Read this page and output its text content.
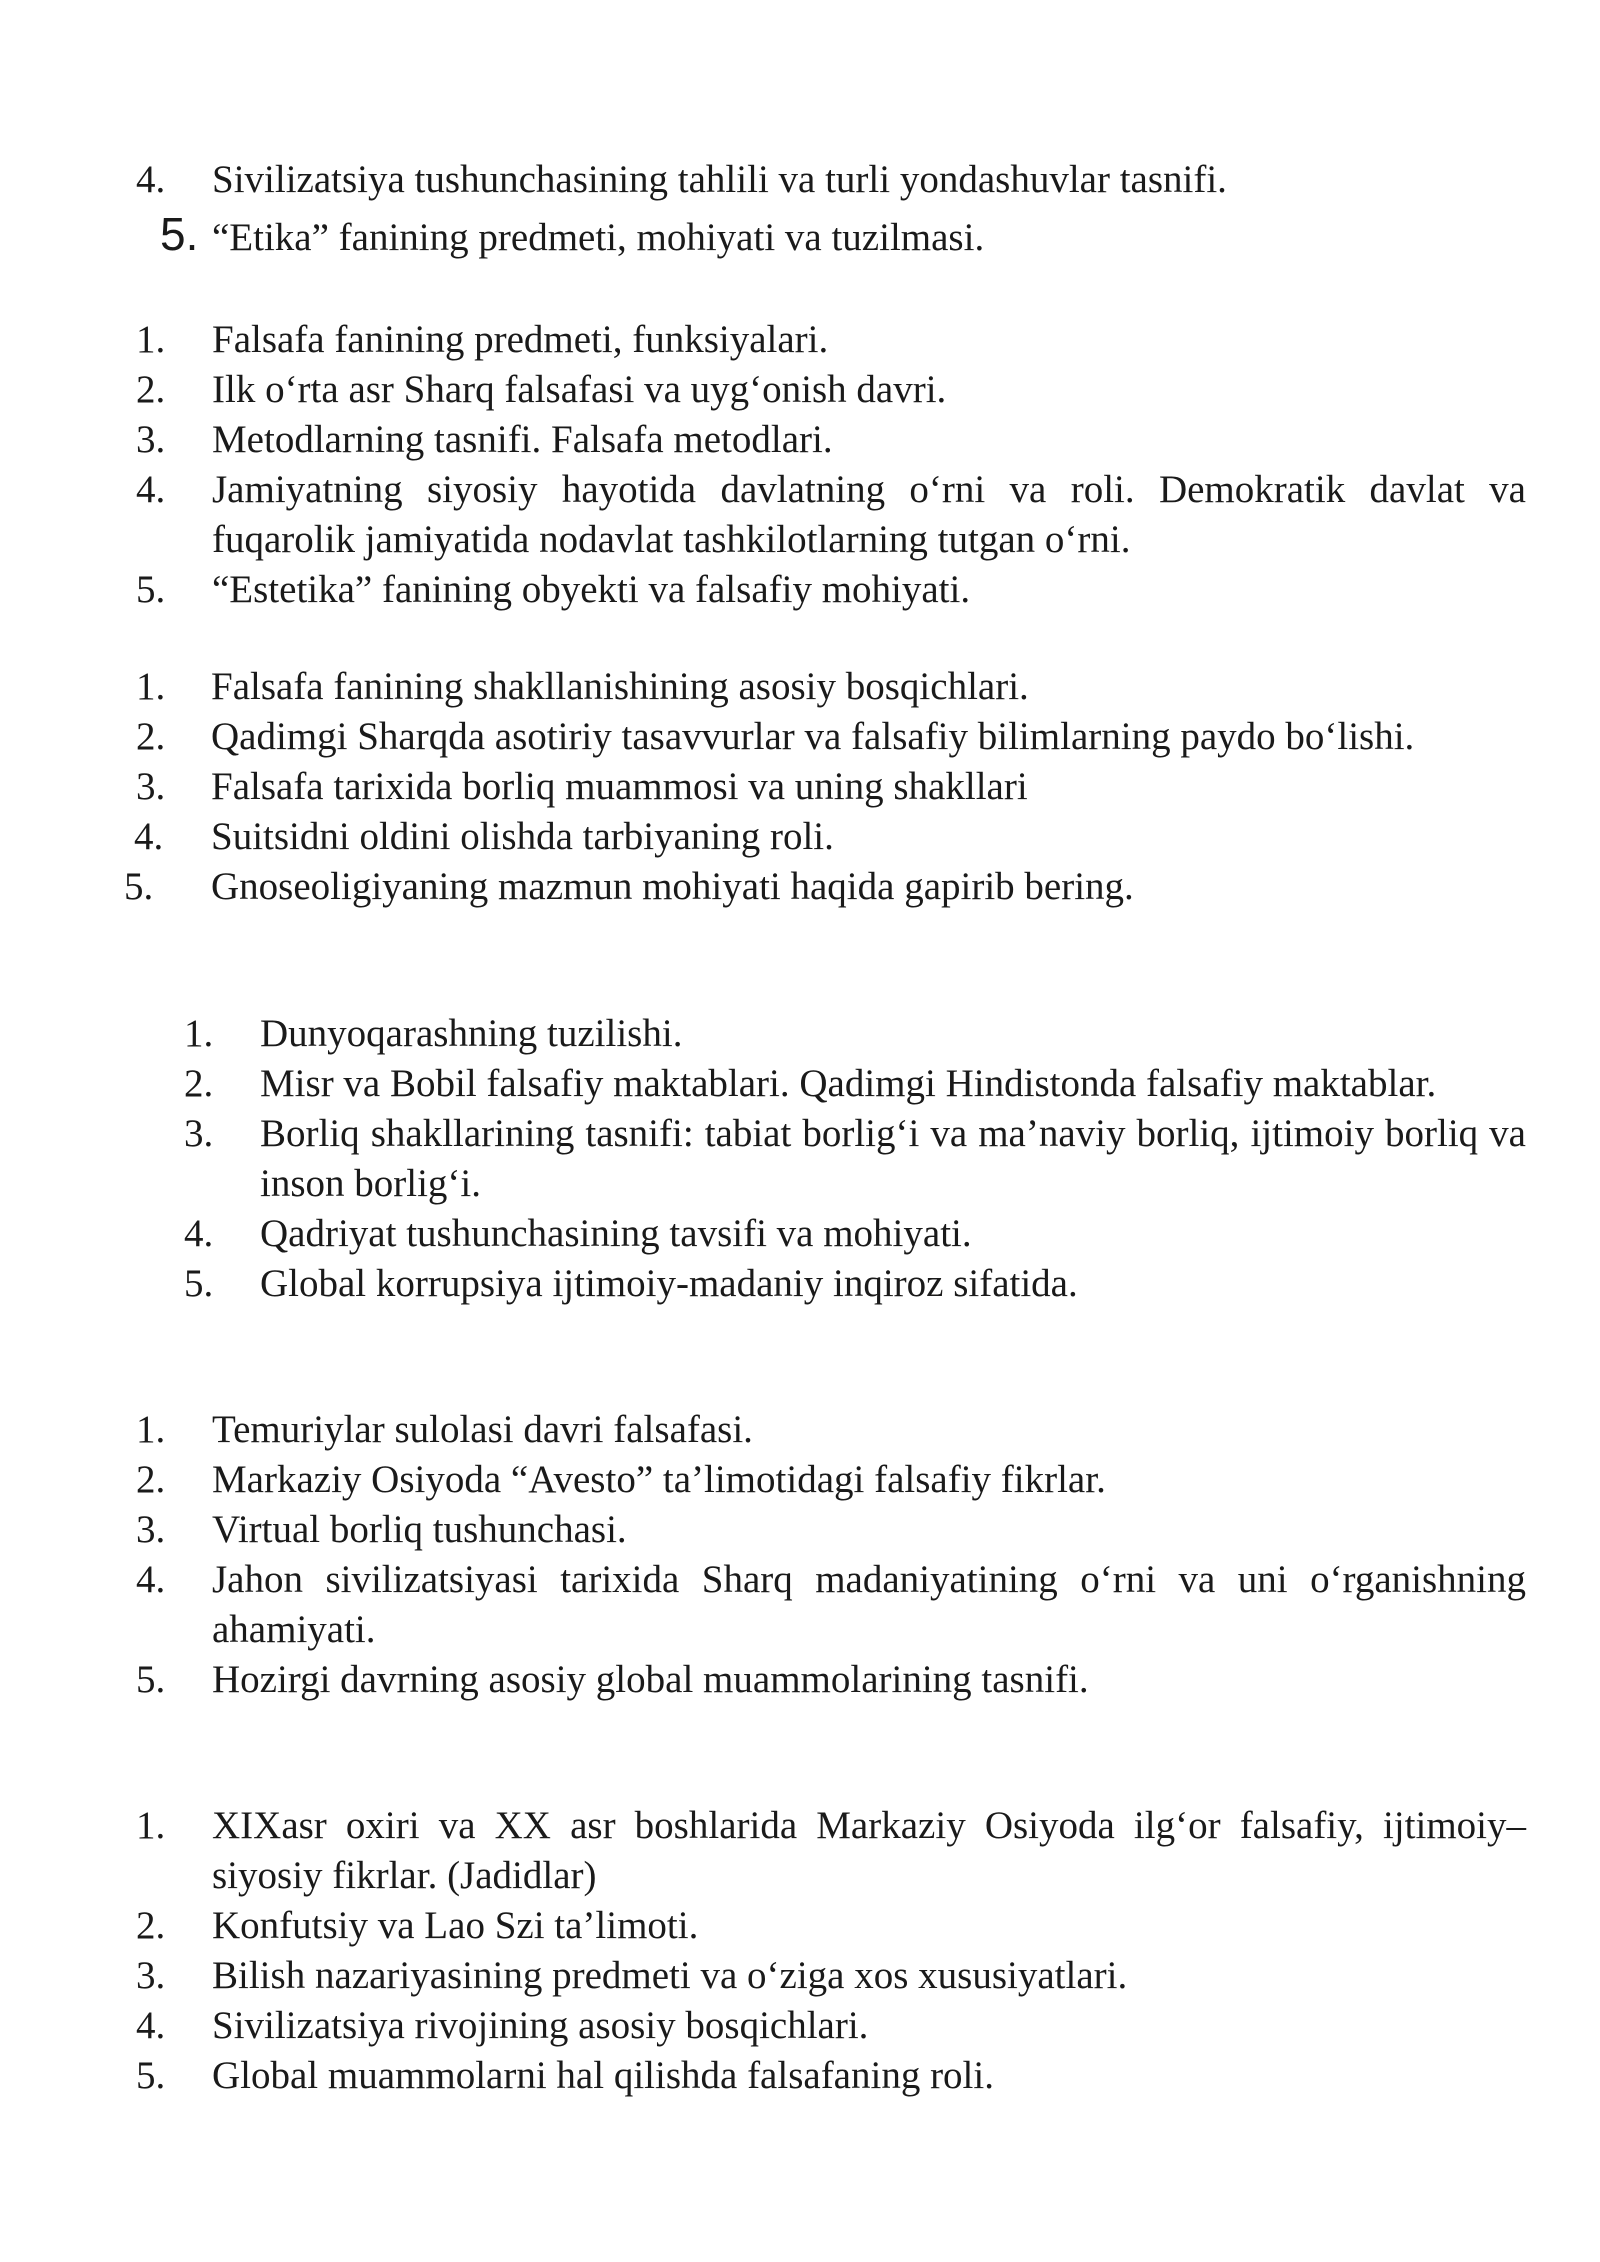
4.	Sivilizatsiya tushunchasining tahlili va turli yondashuvlar tasnifi.
5. “Etika” fanining predmeti, mohiyati va tuzilmasi.
1.	Falsafa fanining predmeti, funksiyalari.
2.	Ilk o‘rta asr Sharq falsafasi va uyg‘onish davri.
3.	Metodlarning tasnifi. Falsafa metodlari.
4.	Jamiyatning siyosiy hayotida davlatning o‘rni va roli. Demokratik davlat va fuqarolik jamiyatida nodavlat tashkilotlarning tutgan o‘rni.
5.	“Estetika” fanining obyekti va falsafiy mohiyati.
1.	Falsafa fanining shakllanishining asosiy bosqichlari.
2.	Qadimgi Sharqda asotiriy tasavvurlar va falsafiy bilimlarning paydo bo‘lishi.
3.	Falsafa tarixida borliq muammosi va uning shakllari
4.	Suitsidni oldini olishda tarbiyaning roli.
5.	Gnoseoligiyaning mazmun mohiyati haqida gapirib bering.
1.	Dunyoqarashning tuzilishi.
2.	Misr va Bobil falsafiy maktablari. Qadimgi Hindistonda falsafiy maktablar.
3.	Borliq shakllarining tasnifi: tabiat borlig‘i va ma’naviy borliq, ijtimoiy borliq va inson borlig‘i.
4.	Qadriyat tushunchasining tavsifi va mohiyati.
5.	Global korrupsiya ijtimoiy-madaniy inqiroz sifatida.
1.	Temuriylar sulolasi davri falsafasi.
2.	Markaziy Osiyoda “Avesto” ta’limotidagi falsafiy fikrlar.
3.	Virtual borliq tushunchasi.
4.	Jahon sivilizatsiyasi tarixida Sharq madaniyatining o‘rni va uni o‘rganishning ahamiyati.
5.	Hozirgi davrning asosiy global muammolarining tasnifi.
1.	XIXasr oxiri va XX asr boshlarida Markaziy Osiyoda ilg‘or falsafiy, ijtimoiy–siyosiy fikrlar. (Jadidlar)
2.	Konfutsiy va Lao Szi ta’limoti.
3.	Bilish nazariyasining predmeti va o‘ziga xos xususiyatlari.
4.	Sivilizatsiya rivojining asosiy bosqichlari.
5.	Global muammolarni hal qilishda falsafaning roli.
